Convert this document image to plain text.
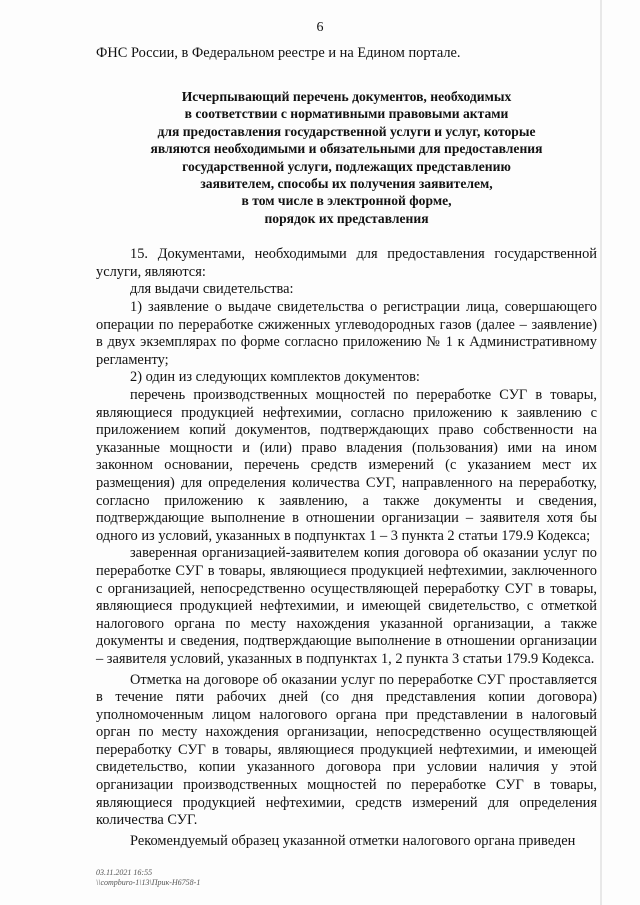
6

ФНС России, в Федеральном реестре и на Едином портале.

Исчерпывающий перечень документов, необходимых
в соответствии с нормативными правовыми актами
для предоставления государственной услуги и услуг, которые
являются необходимыми и обязательными для предоставления
государственной услуги, подлежащих представлению
заявителем, способы их получения заявителем,
в том числе в электронной форме,
порядок их представления

15. Документами, необходимыми для предоставления государственной услуги, являются:

для выдачи свидетельства:

1) заявление о выдаче свидетельства о регистрации лица, совершающего операции по переработке сжиженных углеводородных газов (далее – заявление) в двух экземплярах по форме согласно приложению № 1 к Административному регламенту;

2) один из следующих комплектов документов:

перечень производственных мощностей по переработке СУГ в товары, являющиеся продукцией нефтехимии, согласно приложению к заявлению с приложением копий документов, подтверждающих право собственности на указанные мощности и (или) право владения (пользования) ими на ином законном основании, перечень средств измерений (с указанием мест их размещения) для определения количества СУГ, направленного на переработку, согласно приложению к заявлению, а также документы и сведения, подтверждающие выполнение в отношении организации – заявителя хотя бы одного из условий, указанных в подпунктах 1 – 3 пункта 2 статьи 179.9 Кодекса;

заверенная организацией-заявителем копия договора об оказании услуг по переработке СУГ в товары, являющиеся продукцией нефтехимии, заключенного с организацией, непосредственно осуществляющей переработку СУГ в товары, являющиеся продукцией нефтехимии, и имеющей свидетельство, с отметкой налогового органа по месту нахождения указанной организации, а также документы и сведения, подтверждающие выполнение в отношении организации – заявителя условий, указанных в подпунктах 1, 2 пункта 3 статьи 179.9 Кодекса.

Отметка на договоре об оказании услуг по переработке СУГ проставляется в течение пяти рабочих дней (со дня представления копии договора) уполномоченным лицом налогового органа при представлении в налоговый орган по месту нахождения организации, непосредственно осуществляющей переработку СУГ в товары, являющиеся продукцией нефтехимии, и имеющей свидетельство, копии указанного договора при условии наличия у этой организации производственных мощностей по переработке СУГ в товары, являющиеся продукцией нефтехимии, средств измерений для определения количества СУГ.

Рекомендуемый образец указанной отметки налогового органа приведен

03.11.2021 16:55
\\compburo-1\13\Прик-Н6758-1
